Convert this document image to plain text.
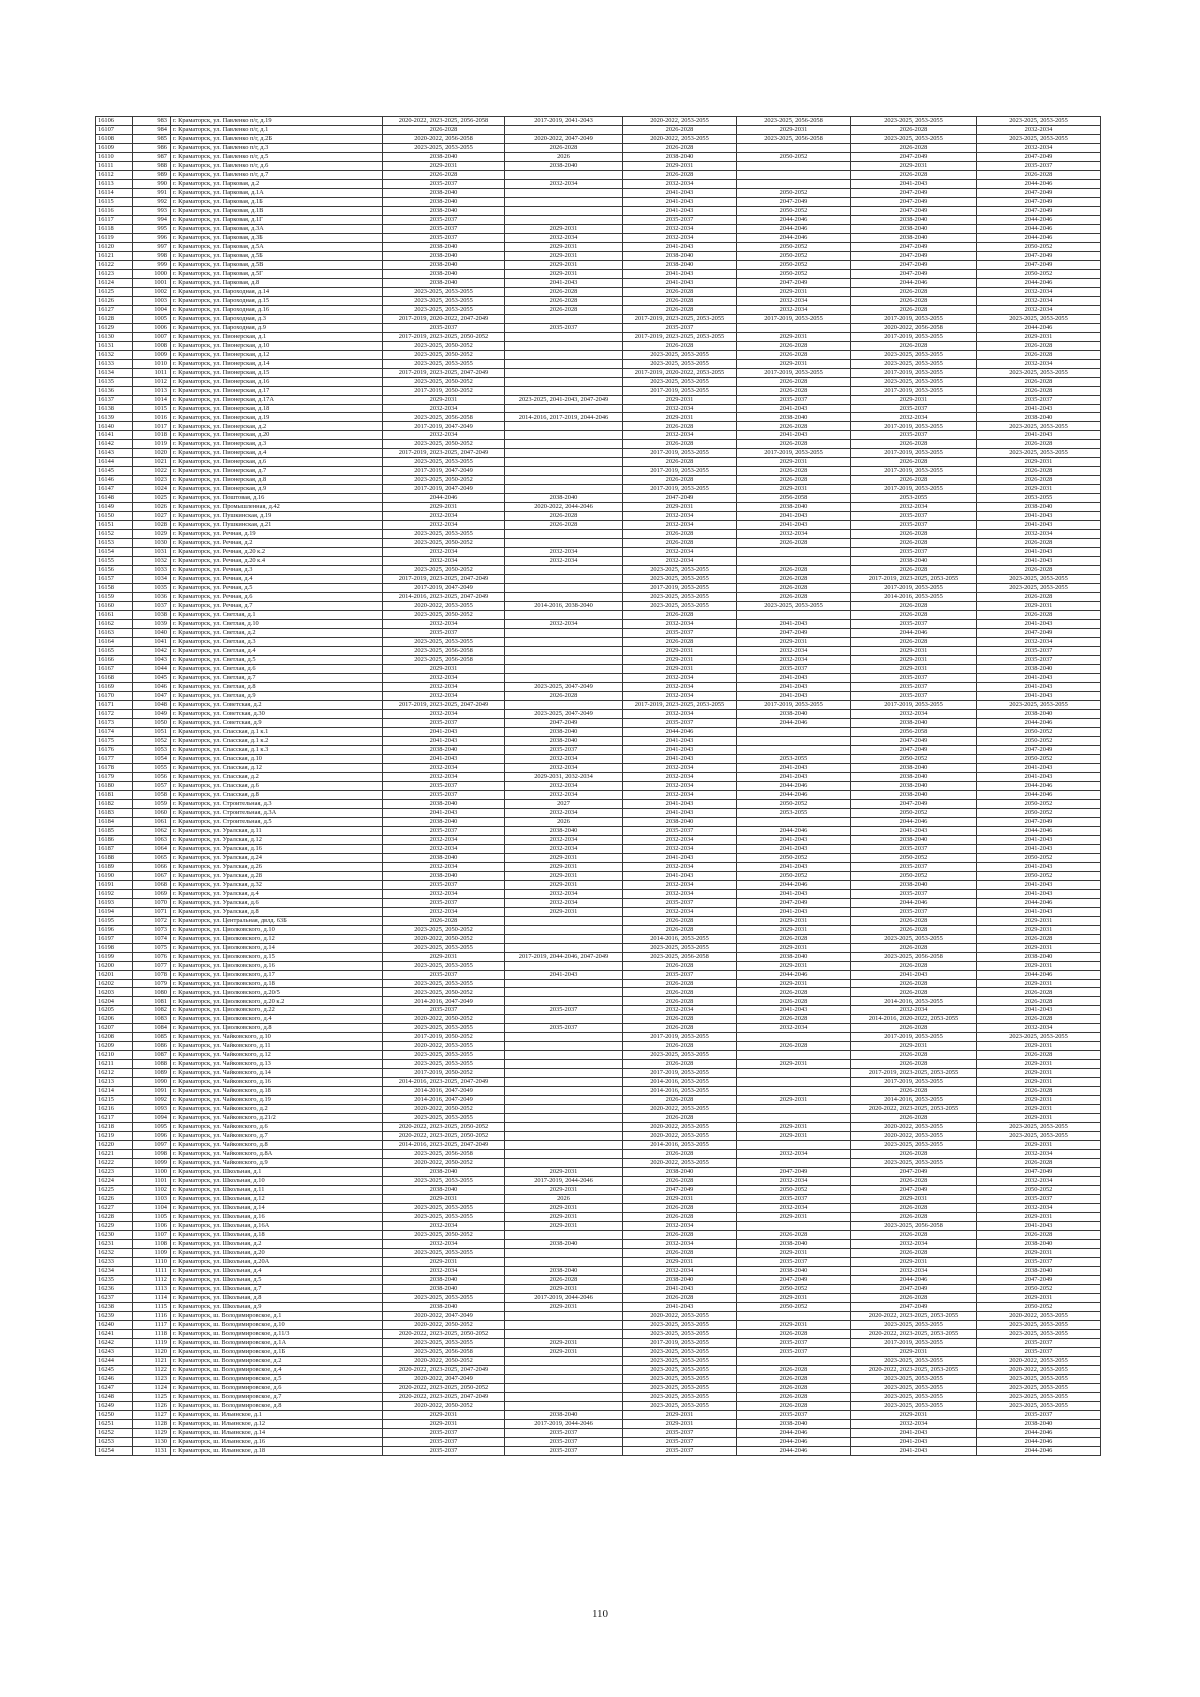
16106	983	г. Краматорск, ул. Павленко п/г, д.19	2020-2022, 2023-2025, 2056-2058	2017-2019, 2041-2043	2020-2022, 2053-2055	2023-2025, 2056-2058	2023-2025, 2053-2055	2023-2025, 2053-2055
16107	984	г. Краматорск, ул. Павленко п/г, д.1	2026-2028		2026-2028	2029-2031	2026-2028	2032-2034
16108	985	г. Краматорск, ул. Павленко п/г, д.2Б	2020-2022, 2056-2058	2020-2022, 2047-2049	2020-2022, 2053-2055	2023-2025, 2056-2058	2023-2025, 2053-2055	2023-2025, 2053-2055
16109	986	г. Краматорск, ул. Павленко п/г, д.3	2023-2025, 2053-2055	2026-2028	2026-2028		2026-2028	2032-2034
16110	987	г. Краматорск, ул. Павленко п/г, д.5	2038-2040	2026	2038-2040	2050-2052	2047-2049	2047-2049
16111	988	г. Краматорск, ул. Павленко п/г, д.6	2029-2031	2038-2040	2029-2031		2029-2031	2035-2037
16112	989	г. Краматорск, ул. Павленко п/г, д.7	2026-2028		2026-2028		2026-2028	2026-2028
16113	990	г. Краматорск, ул. Парковая, д.2	2035-2037	2032-2034	2032-2034		2041-2043	2044-2046
16114	991	г. Краматорск, ул. Парковая, д.1А	2038-2040		2041-2043	2050-2052	2047-2049	2047-2049
16115	992	г. Краматорск, ул. Парковая, д.1Б	2038-2040		2041-2043	2047-2049	2047-2049	2047-2049
16116	993	г. Краматорск, ул. Парковая, д.1В	2038-2040		2041-2043	2050-2052	2047-2049	2047-2049
16117	994	г. Краматорск, ул. Парковая, д.1Г	2035-2037		2035-2037	2044-2046	2038-2040	2044-2046
16118	995	г. Краматорск, ул. Парковая, д.3А	2035-2037	2029-2031	2032-2034	2044-2046	2038-2040	2044-2046
16119	996	г. Краматорск, ул. Парковая, д.3Б	2035-2037	2032-2034	2032-2034	2044-2046	2038-2040	2044-2046
16120	997	г. Краматорск, ул. Парковая, д.5А	2038-2040	2029-2031	2041-2043	2050-2052	2047-2049	2050-2052
16121	998	г. Краматорск, ул. Парковая, д.5Б	2038-2040	2029-2031	2038-2040	2050-2052	2047-2049	2047-2049
16122	999	г. Краматорск, ул. Парковая, д.5В	2038-2040	2029-2031	2038-2040	2050-2052	2047-2049	2047-2049
16123	1000	г. Краматорск, ул. Парковая, д.5Г	2038-2040	2029-2031	2041-2043	2050-2052	2047-2049	2050-2052
16124	1001	г. Краматорск, ул. Парковая, д.8	2038-2040	2041-2043	2041-2043	2047-2049	2044-2046	2044-2046
16125	1002	г. Краматорск, ул. Пароходная, д.14	2023-2025, 2053-2055	2026-2028	2026-2028	2029-2031	2026-2028	2032-2034
16126	1003	г. Краматорск, ул. Пароходная, д.15	2023-2025, 2053-2055	2026-2028	2026-2028	2032-2034	2026-2028	2032-2034
16127	1004	г. Краматорск, ул. Пароходная, д.16	2023-2025, 2053-2055	2026-2028	2026-2028	2032-2034	2026-2028	2032-2034
16128	1005	г. Краматорск, ул. Пароходная, д.3	2017-2019, 2020-2022, 2047-2049		2017-2019, 2023-2025, 2053-2055	2017-2019, 2053-2055	2017-2019, 2053-2055	2023-2025, 2053-2055
16129	1006	г. Краматорск, ул. Пароходная, д.9	2035-2037	2035-2037	2035-2037		2020-2022, 2056-2058	2044-2046
16130	1007	г. Краматорск, ул. Пионерская, д.1	2017-2019, 2023-2025, 2050-2052		2017-2019, 2023-2025, 2053-2055	2029-2031	2017-2019, 2053-2055	2029-2031
16131	1008	г. Краматорск, ул. Пионерская, д.10	2023-2025, 2050-2052		2026-2028	2026-2028	2026-2028	2026-2028
16132	1009	г. Краматорск, ул. Пионерская, д.12	2023-2025, 2050-2052		2023-2025, 2053-2055	2026-2028	2023-2025, 2053-2055	2026-2028
16133	1010	г. Краматорск, ул. Пионерская, д.14	2023-2025, 2053-2055		2023-2025, 2053-2055	2029-2031	2023-2025, 2053-2055	2032-2034
16134	1011	г. Краматорск, ул. Пионерская, д.15	2017-2019, 2023-2025, 2047-2049		2017-2019, 2020-2022, 2053-2055	2017-2019, 2053-2055	2017-2019, 2053-2055	2023-2025, 2053-2055
16135	1012	г. Краматорск, ул. Пионерская, д.16	2023-2025, 2050-2052		2023-2025, 2053-2055	2026-2028	2023-2025, 2053-2055	2026-2028
16136	1013	г. Краматорск, ул. Пионерская, д.17	2017-2019, 2050-2052		2017-2019, 2053-2055	2026-2028	2017-2019, 2053-2055	2026-2028
16137	1014	г. Краматорск, ул. Пионерская, д.17А	2029-2031	2023-2025, 2041-2043, 2047-2049	2029-2031	2035-2037	2029-2031	2035-2037
16138	1015	г. Краматорск, ул. Пионерская, д.18	2032-2034		2032-2034	2041-2043	2035-2037	2041-2043
16139	1016	г. Краматорск, ул. Пионерская, д.19	2023-2025, 2056-2058	2014-2016, 2017-2019, 2044-2046	2029-2031	2038-2040	2032-2034	2038-2040
16140	1017	г. Краматорск, ул. Пионерская, д.2	2017-2019, 2047-2049		2026-2028	2026-2028	2017-2019, 2053-2055	2023-2025, 2053-2055
16141	1018	г. Краматорск, ул. Пионерская, д.20	2032-2034		2032-2034	2041-2043	2035-2037	2041-2043
16142	1019	г. Краматорск, ул. Пионерская, д.3	2023-2025, 2050-2052		2026-2028	2026-2028	2026-2028	2026-2028
16143	1020	г. Краматорск, ул. Пионерская, д.4	2017-2019, 2023-2025, 2047-2049		2017-2019, 2053-2055	2017-2019, 2053-2055	2017-2019, 2053-2055	2023-2025, 2053-2055
16144	1021	г. Краматорск, ул. Пионерская, д.6	2023-2025, 2053-2055		2026-2028	2029-2031	2026-2028	2029-2031
16145	1022	г. Краматорск, ул. Пионерская, д.7	2017-2019, 2047-2049		2017-2019, 2053-2055	2026-2028	2017-2019, 2053-2055	2026-2028
16146	1023	г. Краматорск, ул. Пионерская, д.8	2023-2025, 2050-2052		2026-2028	2026-2028	2026-2028	2026-2028
16147	1024	г. Краматорск, ул. Пионерская, д.9	2017-2019, 2047-2049		2017-2019, 2053-2055	2029-2031	2017-2019, 2053-2055	2029-2031
16148	1025	г. Краматорск, ул. Поштовая, д.16	2044-2046	2038-2040	2047-2049	2056-2058	2053-2055	2053-2055
16149	1026	г. Краматорск, ул. Промышленная, д.42	2029-2031	2020-2022, 2044-2046	2029-2031	2038-2040	2032-2034	2038-2040
16150	1027	г. Краматорск, ул. Пушкинская, д.19	2032-2034	2026-2028	2032-2034	2041-2043	2035-2037	2041-2043
16151	1028	г. Краматорск, ул. Пушкинская, д.21	2032-2034	2026-2028	2032-2034	2041-2043	2035-2037	2041-2043
16152	1029	г. Краматорск, ул. Речная, д.19	2023-2025, 2053-2055		2026-2028	2032-2034	2026-2028	2032-2034
16153	1030	г. Краматорск, ул. Речная, д.2	2023-2025, 2050-2052		2026-2028	2026-2028	2026-2028	2026-2028
16154	1031	г. Краматорск, ул. Речная, д.20 к.2	2032-2034	2032-2034	2032-2034		2035-2037	2041-2043
16155	1032	г. Краматорск, ул. Речная, д.20 к.4	2032-2034	2032-2034	2032-2034		2038-2040	2041-2043
16156	1033	г. Краматорск, ул. Речная, д.3	2023-2025, 2050-2052		2023-2025, 2053-2055	2026-2028	2026-2028	2026-2028
16157	1034	г. Краматорск, ул. Речная, д.4	2017-2019, 2023-2025, 2047-2049		2023-2025, 2053-2055	2026-2028	2017-2019, 2023-2025, 2053-2055	2023-2025, 2053-2055
16158	1035	г. Краматорск, ул. Речная, д.5	2017-2019, 2047-2049		2017-2019, 2053-2055	2026-2028	2017-2019, 2053-2055	2023-2025, 2053-2055
16159	1036	г. Краматорск, ул. Речная, д.6	2014-2016, 2023-2025, 2047-2049		2023-2025, 2053-2055	2026-2028	2014-2016, 2053-2055	2026-2028
16160	1037	г. Краматорск, ул. Речная, д.7	2020-2022, 2053-2055	2014-2016, 2038-2040	2023-2025, 2053-2055	2023-2025, 2053-2055	2026-2028	2029-2031
16161	1038	г. Краматорск, ул. Светлая, д.1	2023-2025, 2050-2052		2026-2028		2026-2028	2026-2028
16162	1039	г. Краматорск, ул. Светлая, д.10	2032-2034	2032-2034	2032-2034	2041-2043	2035-2037	2041-2043
16163	1040	г. Краматорск, ул. Светлая, д.2	2035-2037		2035-2037	2047-2049	2044-2046	2047-2049
16164	1041	г. Краматорск, ул. Светлая, д.3	2023-2025, 2053-2055		2026-2028	2029-2031	2026-2028	2032-2034
16165	1042	г. Краматорск, ул. Светлая, д.4	2023-2025, 2056-2058		2029-2031	2032-2034	2029-2031	2035-2037
16166	1043	г. Краматорск, ул. Светлая, д.5	2023-2025, 2056-2058		2029-2031	2032-2034	2029-2031	2035-2037
16167	1044	г. Краматорск, ул. Светлая, д.6	2029-2031		2029-2031	2035-2037	2029-2031	2038-2040
16168	1045	г. Краматорск, ул. Светлая, д.7	2032-2034		2032-2034	2041-2043	2035-2037	2041-2043
16169	1046	г. Краматорск, ул. Светлая, д.8	2032-2034	2023-2025, 2047-2049	2032-2034	2041-2043	2035-2037	2041-2043
16170	1047	г. Краматорск, ул. Светлая, д.9	2032-2034	2026-2028	2032-2034	2041-2043	2035-2037	2041-2043
16171	1048	г. Краматорск, ул. Советская, д.2	2017-2019, 2023-2025, 2047-2049		2017-2019, 2023-2025, 2053-2055	2017-2019, 2053-2055	2017-2019, 2053-2055	2023-2025, 2053-2055
16172	1049	г. Краматорск, ул. Советская, д.30	2032-2034	2023-2025, 2047-2049	2032-2034	2038-2040	2032-2034	2038-2040
16173	1050	г. Краматорск, ул. Советская, д.9	2035-2037	2047-2049	2035-2037	2044-2046	2038-2040	2044-2046
16174	1051	г. Краматорск, ул. Спасская, д.1 к.1	2041-2043	2038-2040	2044-2046		2056-2058	2050-2052
16175	1052	г. Краматорск, ул. Спасская, д.1 к.2	2041-2043	2038-2040	2041-2043		2047-2049	2050-2052
16176	1053	г. Краматорск, ул. Спасская, д.1 к.3	2038-2040	2035-2037	2041-2043		2047-2049	2047-2049
16177	1054	г. Краматорск, ул. Спасская, д.10	2041-2043	2032-2034	2041-2043	2053-2055	2050-2052	2050-2052
16178	1055	г. Краматорск, ул. Спасская, д.12	2032-2034	2032-2034	2032-2034	2041-2043	2038-2040	2041-2043
16179	1056	г. Краматорск, ул. Спасская, д.2	2032-2034	2029-2031, 2032-2034	2032-2034	2041-2043	2038-2040	2041-2043
16180	1057	г. Краматорск, ул. Спасская, д.6	2035-2037	2032-2034	2032-2034	2044-2046	2038-2040	2044-2046
16181	1058	г. Краматорск, ул. Спасская, д.8	2035-2037	2032-2034	2032-2034	2044-2046	2038-2040	2044-2046
16182	1059	г. Краматорск, ул. Строительная, д.3	2038-2040	2027	2041-2043	2050-2052	2047-2049	2050-2052
16183	1060	г. Краматорск, ул. Строительная, д.3А	2041-2043	2032-2034	2041-2043	2053-2055	2050-2052	2050-2052
16184	1061	г. Краматорск, ул. Строительная, д.5	2038-2040	2026	2038-2040		2044-2046	2047-2049
16185	1062	г. Краматорск, ул. Уралская, д.11	2035-2037	2038-2040	2035-2037	2044-2046	2041-2043	2044-2046
16186	1063	г. Краматорск, ул. Уралская, д.12	2032-2034	2032-2034	2032-2034	2041-2043	2038-2040	2041-2043
16187	1064	г. Краматорск, ул. Уралская, д.16	2032-2034	2032-2034	2032-2034	2041-2043	2035-2037	2041-2043
16188	1065	г. Краматорск, ул. Уралская, д.24	2038-2040	2029-2031	2041-2043	2050-2052	2050-2052	2050-2052
16189	1066	г. Краматорск, ул. Уралская, д.26	2032-2034	2029-2031	2032-2034	2041-2043	2035-2037	2041-2043
16190	1067	г. Краматорск, ул. Уралская, д.28	2038-2040	2029-2031	2041-2043	2050-2052	2050-2052	2050-2052
16191	1068	г. Краматорск, ул. Уралская, д.32	2035-2037	2029-2031	2032-2034	2044-2046	2038-2040	2041-2043
16192	1069	г. Краматорск, ул. Уралская, д.4	2032-2034	2032-2034	2032-2034	2041-2043	2035-2037	2041-2043
16193	1070	г. Краматорск, ул. Уралская, д.6	2035-2037	2032-2034	2035-2037	2047-2049	2044-2046	2044-2046
16194	1071	г. Краматорск, ул. Уралская, д.8	2032-2034	2029-2031	2032-2034	2041-2043	2035-2037	2041-2043
16195	1072	г. Краматорск, ул. Центральная, двлд. 63Б	2026-2028		2026-2028	2029-2031	2026-2028	2029-2031
16196	1073	г. Краматорск, ул. Циолковского, д.10	2023-2025, 2050-2052		2026-2028	2029-2031	2026-2028	2029-2031
16197	1074	г. Краматорск, ул. Циолковского, д.12	2020-2022, 2050-2052		2014-2016, 2053-2055	2026-2028	2023-2025, 2053-2055	2026-2028
16198	1075	г. Краматорск, ул. Циолковского, д.14	2023-2025, 2053-2055		2023-2025, 2053-2055	2029-2031	2026-2028	2029-2031
16199	1076	г. Краматорск, ул. Циолковского, д.15	2029-2031	2017-2019, 2044-2046, 2047-2049	2023-2025, 2056-2058	2038-2040	2023-2025, 2056-2058	2038-2040
16200	1077	г. Краматорск, ул. Циолковского, д.16	2023-2025, 2053-2055		2026-2028	2029-2031	2026-2028	2029-2031
16201	1078	г. Краматорск, ул. Циолковского, д.17	2035-2037	2041-2043	2035-2037	2044-2046	2041-2043	2044-2046
16202	1079	г. Краматорск, ул. Циолковского, д.18	2023-2025, 2053-2055		2026-2028	2029-2031	2026-2028	2029-2031
16203	1080	г. Краматорск, ул. Циолковского, д.20/5	2023-2025, 2050-2052		2026-2028	2026-2028	2026-2028	2026-2028
16204	1081	г. Краматорск, ул. Циолковского, д.20 к.2	2014-2016, 2047-2049		2026-2028	2026-2028	2014-2016, 2053-2055	2026-2028
16205	1082	г. Краматорск, ул. Циолковского, д.22	2035-2037	2035-2037	2032-2034	2041-2043	2032-2034	2041-2043
16206	1083	г. Краматорск, ул. Циолковского, д.4	2020-2022, 2050-2052		2026-2028	2026-2028	2014-2016, 2020-2022, 2053-2055	2026-2028
16207	1084	г. Краматорск, ул. Циолковского, д.8	2023-2025, 2053-2055	2035-2037	2026-2028	2032-2034	2026-2028	2032-2034
16208	1085	г. Краматорск, ул. Чайковского, д.10	2017-2019, 2050-2052		2017-2019, 2053-2055		2017-2019, 2053-2055	2023-2025, 2053-2055
16209	1086	г. Краматорск, ул. Чайковского, д.11	2020-2022, 2053-2055		2026-2028	2026-2028	2029-2031	2029-2031
16210	1087	г. Краматорск, ул. Чайковского, д.12	2023-2025, 2053-2055		2023-2025, 2053-2055		2026-2028	2026-2028
16211	1088	г. Краматорск, ул. Чайковского, д.13	2023-2025, 2053-2055		2026-2028	2029-2031	2026-2028	2029-2031
16212	1089	г. Краматорск, ул. Чайковского, д.14	2017-2019, 2050-2052		2017-2019, 2053-2055		2017-2019, 2023-2025, 2053-2055	2029-2031
16213	1090	г. Краматорск, ул. Чайковского, д.16	2014-2016, 2023-2025, 2047-2049		2014-2016, 2053-2055		2017-2019, 2053-2055	2029-2031
16214	1091	г. Краматорск, ул. Чайковского, д.18	2014-2016, 2047-2049		2014-2016, 2053-2055		2026-2028	2026-2028
16215	1092	г. Краматорск, ул. Чайковского, д.19	2014-2016, 2047-2049		2026-2028	2029-2031	2014-2016, 2053-2055	2029-2031
16216	1093	г. Краматорск, ул. Чайковского, д.2	2020-2022, 2050-2052		2020-2022, 2053-2055		2020-2022, 2023-2025, 2053-2055	2029-2031
16217	1094	г. Краматорск, ул. Чайковского, д.21/2	2023-2025, 2053-2055		2026-2028		2026-2028	2029-2031
16218	1095	г. Краматорск, ул. Чайковского, д.6	2020-2022, 2023-2025, 2050-2052		2020-2022, 2053-2055	2029-2031	2020-2022, 2053-2055	2023-2025, 2053-2055
16219	1096	г. Краматорск, ул. Чайковского, д.7	2020-2022, 2023-2025, 2050-2052		2020-2022, 2053-2055	2029-2031	2020-2022, 2053-2055	2023-2025, 2053-2055
16220	1097	г. Краматорск, ул. Чайковского, д.8	2014-2016, 2023-2025, 2047-2049		2014-2016, 2053-2055		2023-2025, 2053-2055	2029-2031
16221	1098	г. Краматорск, ул. Чайковского, д.8А	2023-2025, 2056-2058		2026-2028	2032-2034	2026-2028	2032-2034
16222	1099	г. Краматорск, ул. Чайковского, д.9	2020-2022, 2050-2052		2020-2022, 2053-2055		2023-2025, 2053-2055	2026-2028
16223	1100	г. Краматорск, ул. Школьная, д.1	2038-2040	2029-2031	2038-2040	2047-2049	2047-2049	2047-2049
16224	1101	г. Краматорск, ул. Школьная, д.10	2023-2025, 2053-2055	2017-2019, 2044-2046	2026-2028	2032-2034	2026-2028	2032-2034
16225	1102	г. Краматорск, ул. Школьная, д.11	2038-2040	2029-2031	2047-2049	2050-2052	2047-2049	2050-2052
16226	1103	г. Краматорск, ул. Школьная, д.12	2029-2031	2026	2029-2031	2035-2037	2029-2031	2035-2037
16227	1104	г. Краматорск, ул. Школьная, д.14	2023-2025, 2053-2055	2029-2031	2026-2028	2032-2034	2026-2028	2032-2034
16228	1105	г. Краматорск, ул. Школьная, д.16	2023-2025, 2053-2055	2029-2031	2026-2028	2029-2031	2026-2028	2029-2031
16229	1106	г. Краматорск, ул. Школьная, д.16А	2032-2034	2029-2031	2032-2034		2023-2025, 2056-2058	2041-2043
16230	1107	г. Краматорск, ул. Школьная, д.18	2023-2025, 2050-2052		2026-2028	2026-2028	2026-2028	2026-2028
16231	1108	г. Краматорск, ул. Школьная, д.2	2032-2034	2038-2040	2032-2034	2038-2040	2032-2034	2038-2040
16232	1109	г. Краматорск, ул. Школьная, д.20	2023-2025, 2053-2055		2026-2028	2029-2031	2026-2028	2029-2031
16233	1110	г. Краматорск, ул. Школьная, д.20А	2029-2031		2029-2031	2035-2037	2029-2031	2035-2037
16234	1111	г. Краматорск, ул. Школьная, д.4	2032-2034	2038-2040	2032-2034	2038-2040	2032-2034	2038-2040
16235	1112	г. Краматорск, ул. Школьная, д.5	2038-2040	2026-2028	2038-2040	2047-2049	2044-2046	2047-2049
16236	1113	г. Краматорск, ул. Школьная, д.7	2038-2040	2029-2031	2041-2043	2050-2052	2047-2049	2050-2052
16237	1114	г. Краматорск, ул. Школьная, д.8	2023-2025, 2053-2055	2017-2019, 2044-2046	2026-2028	2029-2031	2026-2028	2029-2031
16238	1115	г. Краматорск, ул. Школьная, д.9	2038-2040	2029-2031	2041-2043	2050-2052	2047-2049	2050-2052
16239	1116	г. Краматорск, ш. Володимировское, д.1	2020-2022, 2047-2049		2020-2022, 2053-2055		2020-2022, 2023-2025, 2053-2055	2020-2022, 2053-2055
16240	1117	г. Краматорск, ш. Володимировское, д.10	2020-2022, 2050-2052		2023-2025, 2053-2055	2029-2031	2023-2025, 2053-2055	2023-2025, 2053-2055
16241	1118	г. Краматорск, ш. Володимировское, д.11/3	2020-2022, 2023-2025, 2050-2052		2023-2025, 2053-2055	2026-2028	2020-2022, 2023-2025, 2053-2055	2023-2025, 2053-2055
16242	1119	г. Краматорск, ш. Володимировское, д.1А	2023-2025, 2053-2055	2029-2031	2017-2019, 2053-2055	2035-2037	2017-2019, 2053-2055	2035-2037
16243	1120	г. Краматорск, ш. Володимировское, д.1Б	2023-2025, 2056-2058	2029-2031	2023-2025, 2053-2055	2035-2037	2029-2031	2035-2037
16244	1121	г. Краматорск, ш. Володимировское, д.2	2020-2022, 2050-2052		2023-2025, 2053-2055		2023-2025, 2053-2055	2020-2022, 2053-2055
16245	1122	г. Краматорск, ш. Володимировское, д.4	2020-2022, 2023-2025, 2047-2049		2023-2025, 2053-2055	2026-2028	2020-2022, 2023-2025, 2053-2055	2020-2022, 2053-2055
16246	1123	г. Краматорск, ш. Володимировское, д.5	2020-2022, 2047-2049		2023-2025, 2053-2055	2026-2028	2023-2025, 2053-2055	2023-2025, 2053-2055
16247	1124	г. Краматорск, ш. Володимировское, д.6	2020-2022, 2023-2025, 2050-2052		2023-2025, 2053-2055	2026-2028	2023-2025, 2053-2055	2023-2025, 2053-2055
16248	1125	г. Краматорск, ш. Володимировское, д.7	2020-2022, 2023-2025, 2047-2049		2023-2025, 2053-2055	2026-2028	2023-2025, 2053-2055	2023-2025, 2053-2055
16249	1126	г. Краматорск, ш. Володимировское, д.8	2020-2022, 2050-2052		2023-2025, 2053-2055	2026-2028	2023-2025, 2053-2055	2023-2025, 2053-2055
16250	1127	г. Краматорск, ш. Ильинское, д.1	2029-2031	2038-2040	2029-2031	2035-2037	2029-2031	2035-2037
16251	1128	г. Краматорск, ш. Ильинское, д.12	2029-2031	2017-2019, 2044-2046	2029-2031	2038-2040	2032-2034	2038-2040
16252	1129	г. Краматорск, ш. Ильинское, д.14	2035-2037	2035-2037	2035-2037	2044-2046	2041-2043	2044-2046
16253	1130	г. Краматорск, ш. Ильинское, д.16	2035-2037	2035-2037	2035-2037	2044-2046	2041-2043	2044-2046
16254	1131	г. Краматорск, ш. Ильинское, д.18	2035-2037	2035-2037	2035-2037	2044-2046	2041-2043	2044-2046
110
